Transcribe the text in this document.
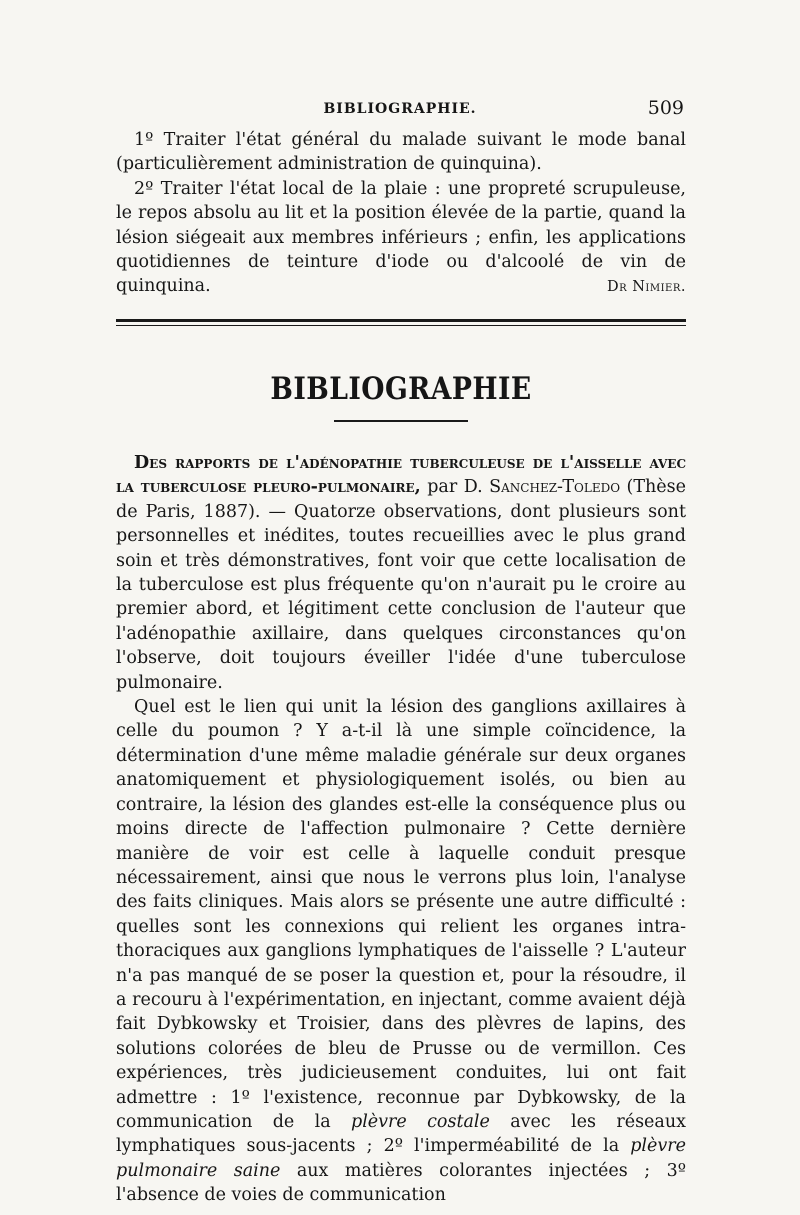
BIBLIOGRAPHIE.	509

1º Traiter l'état général du malade suivant le mode banal (particulièrement administration de quinquina).

2º Traiter l'état local de la plaie : une propreté scrupuleuse, le repos absolu au lit et la position élevée de la partie, quand la lésion siégeait aux membres inférieurs ; enfin, les applications quotidiennes de teinture d'iode ou d'alcoolé de vin de quinquina.	Dr Nimier.
BIBLIOGRAPHIE

Des rapports de l'adénopathie tuberculeuse de l'aisselle avec la tuberculose pleuro-pulmonaire, par D. Sanchez-Toledo (Thèse de Paris, 1887). — Quatorze observations, dont plusieurs sont personnelles et inédites, toutes recueillies avec le plus grand soin et très démonstratives, font voir que cette localisation de la tuberculose est plus fréquente qu'on n'aurait pu le croire au premier abord, et légitiment cette conclusion de l'auteur que l'adénopathie axillaire, dans quelques circonstances qu'on l'observe, doit toujours éveiller l'idée d'une tuberculose pulmonaire.

Quel est le lien qui unit la lésion des ganglions axillaires à celle du poumon ? Y a-t-il là une simple coïncidence, la détermination d'une même maladie générale sur deux organes anatomiquement et physiologiquement isolés, ou bien au contraire, la lésion des glandes est-elle la conséquence plus ou moins directe de l'affection pulmonaire ? Cette dernière manière de voir est celle à laquelle conduit presque nécessairement, ainsi que nous le verrons plus loin, l'analyse des faits cliniques. Mais alors se présente une autre difficulté : quelles sont les connexions qui relient les organes intra-thoraciques aux ganglions lymphatiques de l'aisselle ? L'auteur n'a pas manqué de se poser la question et, pour la résoudre, il a recouru à l'expérimentation, en injectant, comme avaient déjà fait Dybkowsky et Troisier, dans des plèvres de lapins, des solutions colorées de bleu de Prusse ou de vermillon. Ces expériences, très judicieusement conduites, lui ont fait admettre : 1º l'existence, reconnue par Dybkowsky, de la communication de la plèvre costale avec les réseaux lymphatiques sous-jacents ; 2º l'imperméabilité de la plèvre pulmonaire saine aux matières colorantes injectées ; 3º l'absence de voies de communication
